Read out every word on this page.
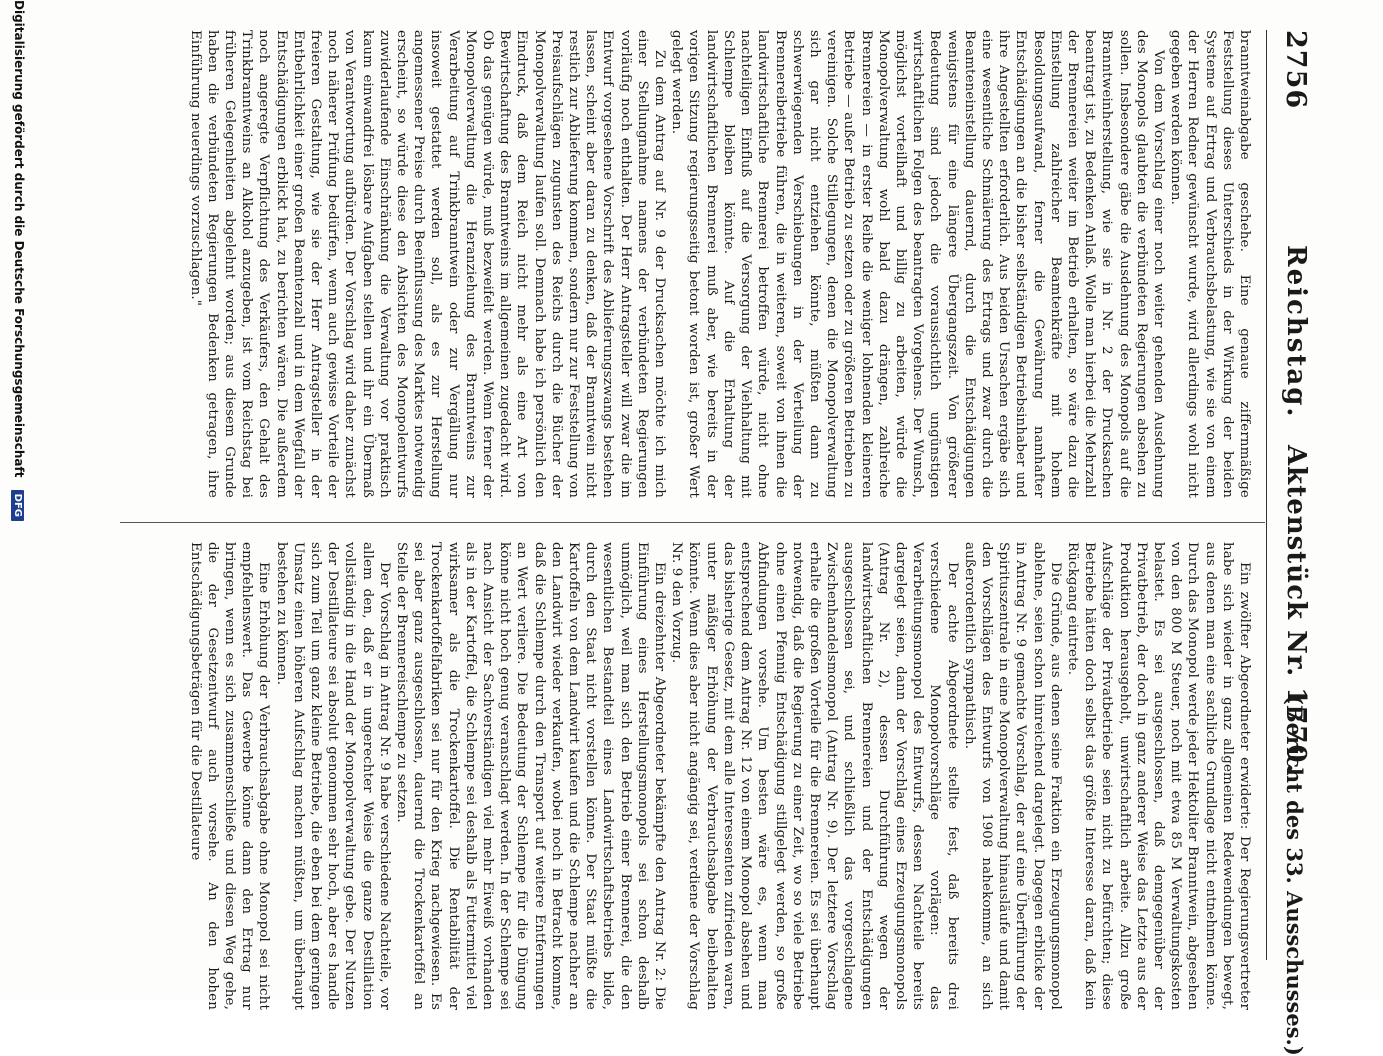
2756
Reichstag.
Aktenstück Nr. 1770.
(Bericht des 33. Ausschusses.)

branntweinabgabe geschehe. Eine genaue ziffernmäßige Feststellung dieses Unterschieds in der Wirkung der beiden Systeme auf Ertrag und Verbrauchsbelastung, wie sie von einem der Herren Redner gewünscht wurde, wird allerdings wohl nicht gegeben werden können.

Von dem Vorschlag einer noch weiter gehenden Ausdehnung des Monopols glaubten die verbündeten Regierungen absehen zu sollen. Insbesondere gäbe die Ausdehnung des Monopols auf die Branntweinherstellung, wie sie in Nr. 2 der Drucksachen beantragt ist, zu Bedenken Anlaß. Wolle man hierbei die Mehrzahl der Brennereien weiter im Betrieb erhalten, so wäre dazu die Einstellung zahlreicher Beamtenkräfte mit hohem Besoldungsaufwand, ferner die Gewährung namhafter Entschädigungen an die bisher selbständigen Betriebsinhaber und ihre Angestellten erforderlich. Aus beiden Ursachen ergäbe sich eine wesentliche Schmälerung des Ertrags und zwar durch die Beamteneinstellung dauernd, durch die Entschädigungen wenigstens für eine längere Übergangszeit. Von größerer Bedeutung sind jedoch die voraussichtlich ungünstigen wirtschaftlichen Folgen des beantragten Vorgehens. Der Wunsch, möglichst vorteilhaft und billig zu arbeiten, würde die Monopolverwaltung wohl bald dazu drängen, zahlreiche Brennereien — in erster Reihe die weniger lohnenden kleineren Betriebe — außer Betrieb zu setzen oder zu größeren Betrieben zu vereinigen. Solche Stillegungen, denen die Monopolverwaltung sich gar nicht entziehen könnte, müßten dann zu schwerwiegenden Verschiebungen in der Verteilung der Brennereibetriebe führen, die in weiteren, soweit von ihnen die landwirtschaftliche Brennerei betroffen würde, nicht ohne nachteiligen Einfluß auf die Versorgung der Viehhaltung mit Schlempe bleiben könnte. Auf die Erhaltung der landwirtschaftlichen Brennerei muß aber, wie bereits in der vorigen Sitzung regierungsseitig betont worden ist, großer Wert gelegt werden.

Zu dem Antrag auf Nr. 9 der Drucksachen möchte ich mich einer Stellungnahme namens der verbündeten Regierungen vorläufig noch enthalten. Der Herr Antragsteller will zwar die im Entwurf vorgesehene Vorschrift des Ablieferungszwangs bestehen lassen, scheint aber daran zu denken, daß der Branntwein nicht restlich zur Ablieferung kommen, sondern nur zur Feststellung von Preisaufschlägen zugunsten des Reichs durch die Bücher der Monopolverwaltung laufen soll. Demnach habe ich persönlich den Eindruck, daß dem Reich nicht mehr als eine Art von Bewirtschaftung des Branntweins im allgemeinen zugedacht wird. Ob das genügen würde, muß bezweifelt werden. Wenn ferner der Monopolverwaltung die Heranziehung des Branntweins zur Verarbeitung auf Trinkbranntwein oder zur Vergällung nur insoweit gestattet werden soll, als es zur Herstellung angemessener Preise durch Beeinflussung des Marktes notwendig erscheint, so würde diese den Absichten des Monopolentwurfs zuwiderlaufende Einschränkung die Verwaltung vor praktisch kaum einwandfrei lösbare Aufgaben stellen und ihr ein Übermaß von Verantwortung aufbürden. Der Vorschlag wird daher zunächst noch näherer Prüfung bedürfen, wenn auch gewisse Vorteile der freieren Gestaltung, wie sie der Herr Antragsteller in der Entbehrlichkeit einer großen Beamtenzahl und in dem Wegfall der Entschädigungen erblickt hat, zu berichten wären. Die außerdem noch angeregte Verpflichtung des Verkäufers, den Gehalt des Trinkbranntweins an Alkohol anzugeben, ist vom Reichstag bei früheren Gelegenheiten abgelehnt worden; aus diesem Grunde haben die verbündeten Regierungen Bedenken getragen, ihre Einführung neuerdings vorzuschlagen."

Ein zwölfter Abgeordneter erwiderte: Der Regierungsvertreter habe sich wieder in ganz allgemeinen Redewendungen bewegt, aus denen man eine sachliche Grundlage nicht entnehmen könne. Durch das Monopol werde jeder Hektoliter Branntwein, abgesehen von den 800 M Steuer, noch mit etwa 85 M Verwaltungskosten belastet. Es sei ausgeschlossen, daß demgegenüber der Privatbetrieb, der doch in ganz anderer Weise das Letzte aus der Produktion herausgeholt, unwirtschaftlich arbeite. Allzu große Aufschläge der Privatbetriebe seien nicht zu befürchten; diese Betriebe hätten doch selbst das größte Interesse daran, daß kein Rückgang eintrete.

Die Gründe, aus denen seine Fraktion ein Erzeugungsmonopol ablehne, seien schon hinreichend dargelegt. Dagegen erblicke der in Antrag Nr. 9 gemachte Vorschlag, der auf eine Überführung der Spirituszentrale in eine Monopolverwaltung hinausläufe und damit den Vorschlägen des Entwurfs von 1908 nahekomme, an sich außerordentlich sympathisch.

Der achte Abgeordnete stellte fest, daß bereits drei verschiedene Monopolvorschläge vorlägen: das Verarbeitungsmonopol des Entwurfs, dessen Nachteile bereits dargelegt seien, dann der Vorschlag eines Erzeugungsmonopols (Antrag Nr. 2), dessen Durchführung wegen der landwirtschaftlichen Brennereien und der Entschädigungen ausgeschlossen sei, und schließlich das vorgeschlagene Zwischenhandelsmonopol (Antrag Nr. 9). Der letztere Vorschlag erhalte die großen Vorteile für die Brennereien. Es sei überhaupt notwendig, daß die Regierung zu einer Zeit, wo so viele Betriebe ohne einen Pfennig Entschädigung stillgelegt werden, so große Abfindungen vorsehe. Um besten wäre es, wenn man entsprechend dem Antrag Nr. 12 von einem Monopol absehen und das bisherige Gesetz, mit dem alle Interessenten zufrieden waren, unter mäßiger Erhöhung der Verbrauchsabgabe beibehalten könnte. Wenn dies aber nicht angängig sei, verdiene der Vorschlag Nr. 9 den Vorzug.

Ein dreizehnter Abgeordneter bekämpfte den Antrag Nr. 2: Die Einführung eines Herstellungsmonopols sei schon deshalb unmöglich, weil man sich den Betrieb einer Brennerei, die den wesentlichen Bestandteil eines Landwirtschaftsbetriebs bilde, durch den Staat nicht vorstellen könne. Der Staat müßte die Kartoffeln von dem Landwirt kaufen und die Schlempe nachher an den Landwirt wieder verkaufen, wobei noch in Betracht komme, daß die Schlempe durch den Transport auf weitere Entfernungen an Wert verliere. Die Bedeutung der Schlempe für die Düngung könne nicht hoch genug veranschlagt werden. In der Schlempe sei nach Ansicht der Sachverständigen viel mehr Eiweiß vorhanden als in der Kartoffel, die Schlempe sei deshalb als Futtermittel viel wirksamer als die Trockenkartoffel. Die Rentabilität der Trockenkartoffelfabriken sei nur für den Krieg nachgewiesen. Es sei aber ganz ausgeschlossen, dauernd die Trockenkartoffel an Stelle der Brennereischlempe zu setzen.

Der Vorschlag in Antrag Nr. 9 habe verschiedene Nachteile, vor allem den, daß er in ungerechter Weise die ganze Destillation vollständig in die Hand der Monopolverwaltung gebe. Der Nutzen der Destillateure sei absolut genommen sehr hoch, aber es handle sich zum Teil um ganz kleine Betriebe, die eben bei dem geringen Umsatz einen höheren Aufschlag machen müßten, um überhaupt bestehen zu können.

Eine Erhöhung der Verbrauchsabgabe ohne Monopol sei nicht empfehlenswert. Das Gewerbe könne dann den Ertrag nur bringen, wenn es sich zusammenschließe und diesen Weg gehe, die der Gesetzentwurf auch vorsehe. An den hohen Entschädigungsbeträgen für die Destillateure

Digitalisierung gefördert durch die Deutsche Forschungsgemeinschaft DFG
